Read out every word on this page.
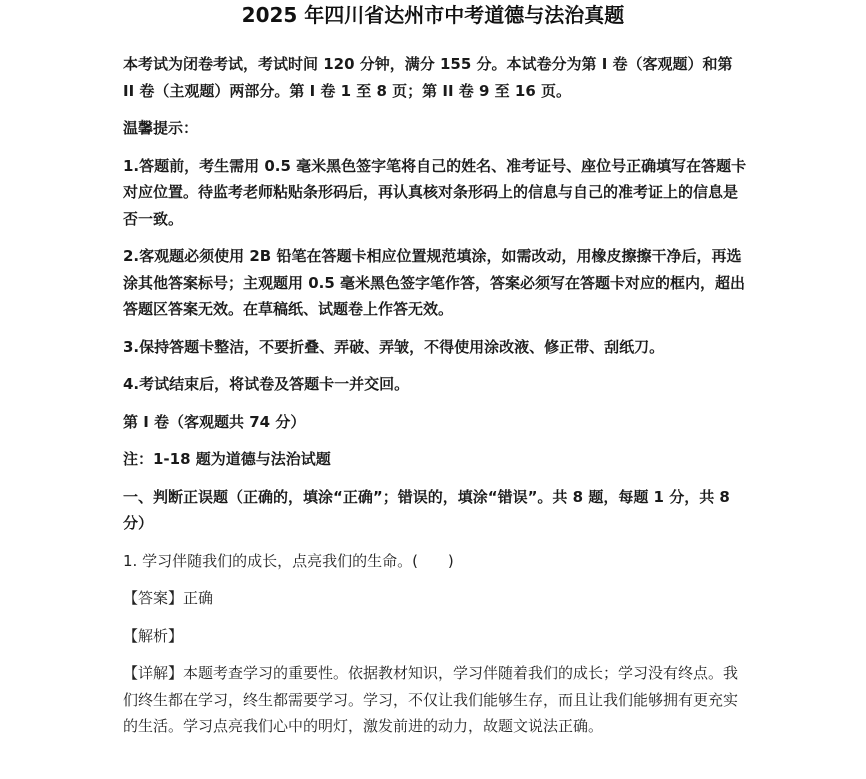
2025 年四川省达州市中考道德与法治真题

本考试为闭卷考试，考试时间 120 分钟，满分 155 分。本试卷分为第 I 卷（客观题）和第 II 卷（主观题）两部分。第 I 卷 1 至 8 页；第 II 卷 9 至 16 页。

温馨提示：

1.答题前，考生需用 0.5 毫米黑色签字笔将自己的姓名、准考证号、座位号正确填写在答题卡对应位置。待监考老师粘贴条形码后，再认真核对条形码上的信息与自己的准考证上的信息是否一致。

2.客观题必须使用 2B 铅笔在答题卡相应位置规范填涂，如需改动，用橡皮擦擦干净后，再选涂其他答案标号；主观题用 0.5 毫米黑色签字笔作答，答案必须写在答题卡对应的框内，超出答题区答案无效。在草稿纸、试题卷上作答无效。

3.保持答题卡整洁，不要折叠、弄破、弄皱，不得使用涂改液、修正带、刮纸刀。

4.考试结束后，将试卷及答题卡一并交回。

第 I 卷（客观题共 74 分）

注：1-18 题为道德与法治试题

一、判断正误题（正确的，填涂“正确”；错误的，填涂“错误”。共 8 题，每题 1 分，共 8 分）

1. 学习伴随我们的成长，点亮我们的生命。(　　)

【答案】正确

【解析】

【详解】本题考查学习的重要性。依据教材知识，学习伴随着我们的成长；学习没有终点。我们终生都在学习，终生都需要学习。学习，不仅让我们能够生存，而且让我们能够拥有更充实的生活。学习点亮我们心中的明灯，激发前进的动力，故题文说法正确。
